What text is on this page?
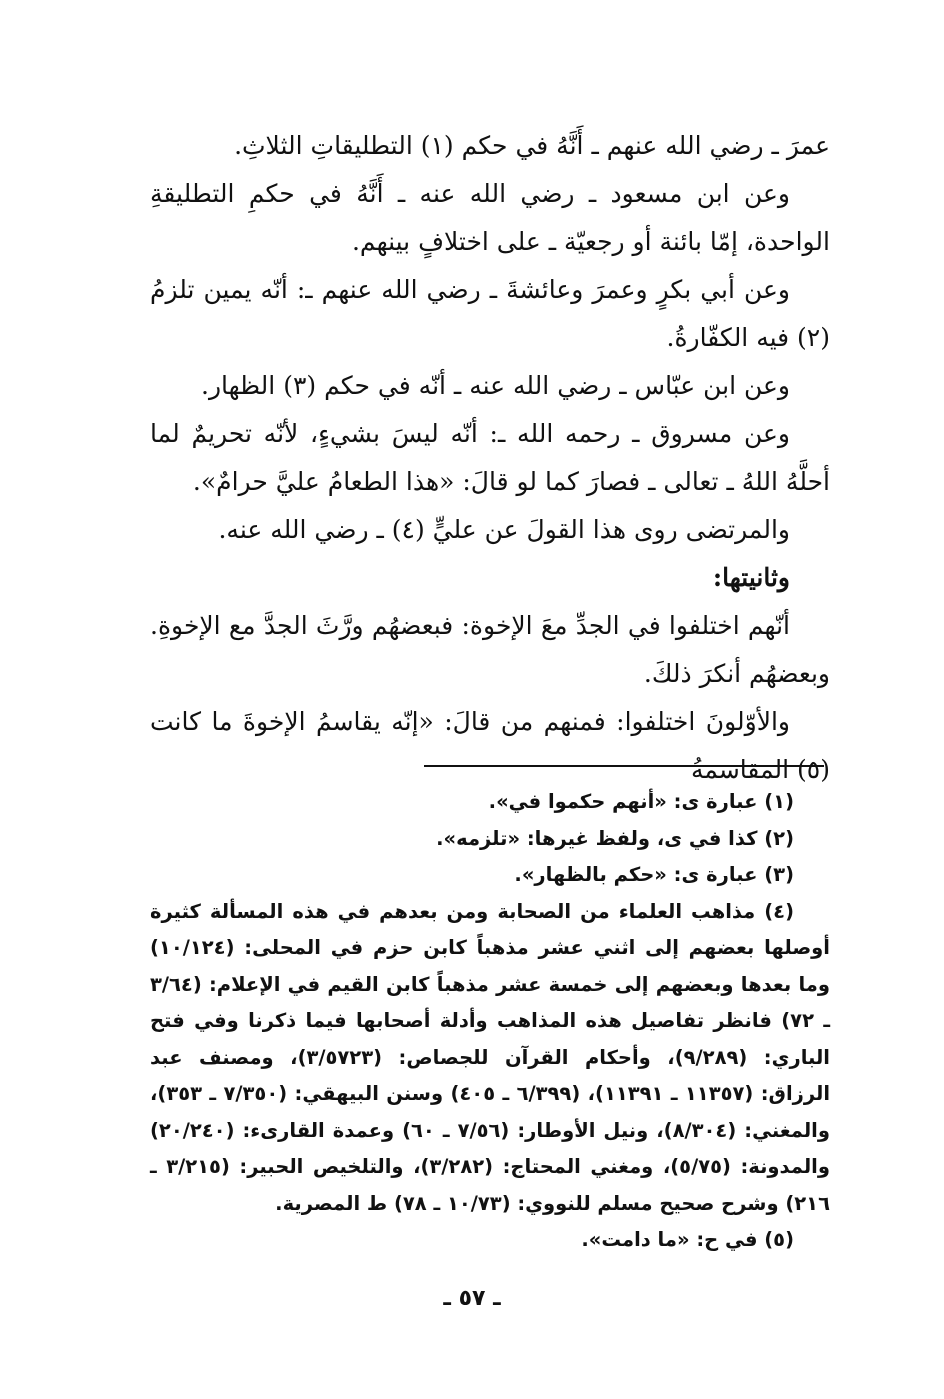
عمرَ ـ رضي الله عنهم ـ أَنَّهُ في حكم (١) التطليقاتِ الثلاثِ.

وعن ابن مسعود ـ رضي الله عنه ـ أَنَّهُ في حكمِ التطليقةِ الواحدة، إمّا بائنة أو رجعيّة ـ على اختلافٍ بينهم.

وعن أبي بكرٍ وعمرَ وعائشةَ ـ رضي الله عنهم ـ: أنّه يمين تلزمُ (٢) فيه الكفّارةُ.

وعن ابن عبّاس ـ رضي الله عنه ـ أنّه في حكم (٣) الظهار.

وعن مسروق ـ رحمه الله ـ: أنّه ليسَ بشيءٍ، لأنّه تحريمٌ لما أحلَّهُ اللهُ ـ تعالى ـ فصارَ كما لو قالَ: «هذا الطعامُ عليَّ حرامٌ».

والمرتضى روى هذا القولَ عن عليٍّ (٤) ـ رضي الله عنه.

وثانيتها:

أنّهم اختلفوا في الجدِّ معَ الإخوة: فبعضهُم ورَّثَ الجدَّ مع الإخوةِ. وبعضهُم أنكرَ ذلكَ.

والأوّلونَ اختلفوا: فمنهم من قالَ: «إنّه يقاسمُ الإخوةَ ما كانت (٥) المقاسمةُ

(١) عبارة ى: «أنهم حكموا في».

(٢) كذا في ى، ولفظ غيرها: «تلزمه».

(٣) عبارة ى: «حكم بالظهار».

(٤) مذاهب العلماء من الصحابة ومن بعدهم في هذه المسألة كثيرة أوصلها بعضهم إلى اثني عشر مذهباً كابن حزم في المحلى: (١٠/١٢٤) وما بعدها وبعضهم إلى خمسة عشر مذهباً كابن القيم في الإعلام: (٣/٦٤ ـ ٧٢) فانظر تفاصيل هذه المذاهب وأدلة أصحابها فيما ذكرنا وفي فتح الباري: (٩/٢٨٩)، وأحكام القرآن للجصاص: (٣/٥٧٢٣)، ومصنف عبد الرزاق: (١١٣٥٧ ـ ١١٣٩١)، (٦/٣٩٩ ـ ٤٠٥) وسنن البيهقي: (٧/٣٥٠ ـ ٣٥٣)، والمغني: (٨/٣٠٤)، ونيل الأوطار: (٧/٥٦ ـ ٦٠) وعمدة القارىء: (٢٠/٢٤٠) والمدونة: (٥/٧٥)، ومغني المحتاج: (٣/٢٨٢)، والتلخيص الحبير: (٣/٢١٥ ـ ٢١٦) وشرح صحيح مسلم للنووي: (١٠/٧٣ ـ ٧٨) ط المصرية.

(٥) في ح: «ما دامت».

ـ ٥٧ ـ
